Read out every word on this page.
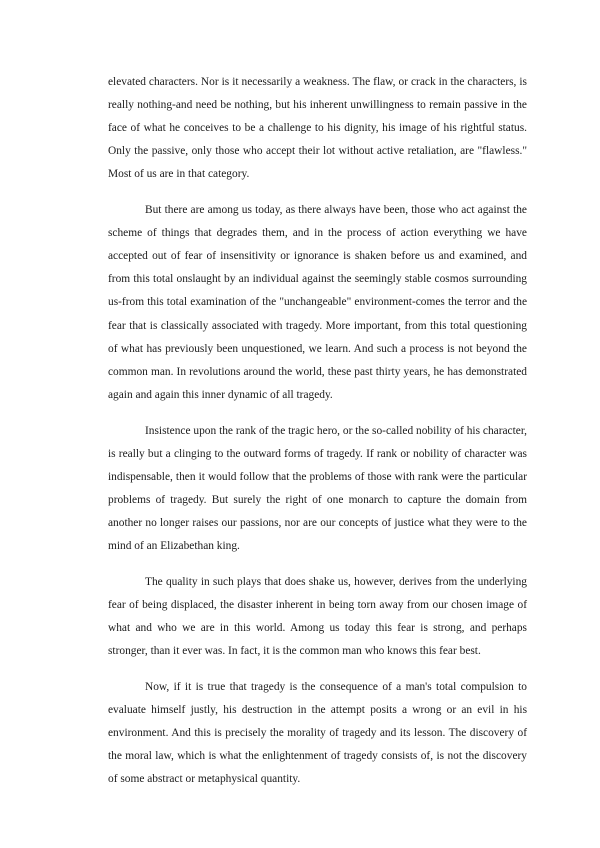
elevated characters. Nor is it necessarily a weakness. The flaw, or crack in the characters, is really nothing-and need be nothing, but his inherent unwillingness to remain passive in the face of what he conceives to be a challenge to his dignity, his image of his rightful status. Only the passive, only those who accept their lot without active retaliation, are "flawless." Most of us are in that category.

But there are among us today, as there always have been, those who act against the scheme of things that degrades them, and in the process of action everything we have accepted out of fear of insensitivity or ignorance is shaken before us and examined, and from this total onslaught by an individual against the seemingly stable cosmos surrounding us-from this total examination of the "unchangeable" environment-comes the terror and the fear that is classically associated with tragedy. More important, from this total questioning of what has previously been unquestioned, we learn. And such a process is not beyond the common man. In revolutions around the world, these past thirty years, he has demonstrated again and again this inner dynamic of all tragedy.

Insistence upon the rank of the tragic hero, or the so-called nobility of his character, is really but a clinging to the outward forms of tragedy. If rank or nobility of character was indispensable, then it would follow that the problems of those with rank were the particular problems of tragedy. But surely the right of one monarch to capture the domain from another no longer raises our passions, nor are our concepts of justice what they were to the mind of an Elizabethan king.

The quality in such plays that does shake us, however, derives from the underlying fear of being displaced, the disaster inherent in being torn away from our chosen image of what and who we are in this world. Among us today this fear is strong, and perhaps stronger, than it ever was. In fact, it is the common man who knows this fear best.

Now, if it is true that tragedy is the consequence of a man's total compulsion to evaluate himself justly, his destruction in the attempt posits a wrong or an evil in his environment. And this is precisely the morality of tragedy and its lesson. The discovery of the moral law, which is what the enlightenment of tragedy consists of, is not the discovery of some abstract or metaphysical quantity.
